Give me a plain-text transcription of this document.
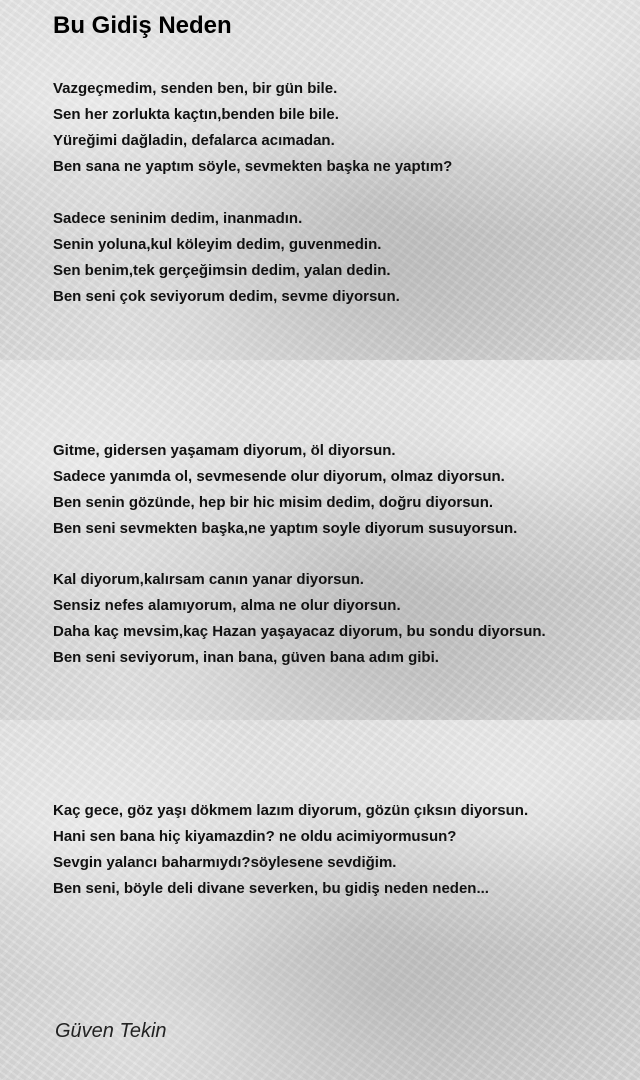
Bu Gidiş Neden
Vazgeçmedim, senden ben, bir gün bile.
Sen her zorlukta kaçtın,benden bile bile.
Yüreğimi dağladin, defalarca acımadan.
Ben sana ne yaptım söyle, sevmekten başka ne yaptım?
Sadece seninim dedim, inanmadın.
Senin yoluna,kul köleyim dedim, guvenmedin.
Sen benim,tek gerçeğimsin dedim, yalan dedin.
Ben seni çok seviyorum dedim, sevme diyorsun.
Gitme, gidersen yaşamam diyorum, öl diyorsun.
Sadece yanımda ol, sevmesende olur diyorum, olmaz diyorsun.
Ben senin gözünde, hep bir hic misim dedim, doğru diyorsun.
Ben seni sevmekten başka,ne yaptım soyle diyorum susuyorsun.
Kal diyorum,kalırsam canın yanar diyorsun.
Sensiz nefes alamıyorum, alma ne olur diyorsun.
Daha kaç mevsim,kaç Hazan yaşayacaz diyorum, bu sondu diyorsun.
Ben seni seviyorum, inan bana, güven bana adım gibi.
Kaç gece, göz yaşı dökmem lazım diyorum, gözün çıksın diyorsun.
Hani sen bana hiç kiyamazdin? ne oldu acimiyormusun?
Sevgin yalancı baharmıydı?söylesene sevdiğim.
Ben seni, böyle deli divane severken, bu gidiş neden neden...

Güven Tekin
